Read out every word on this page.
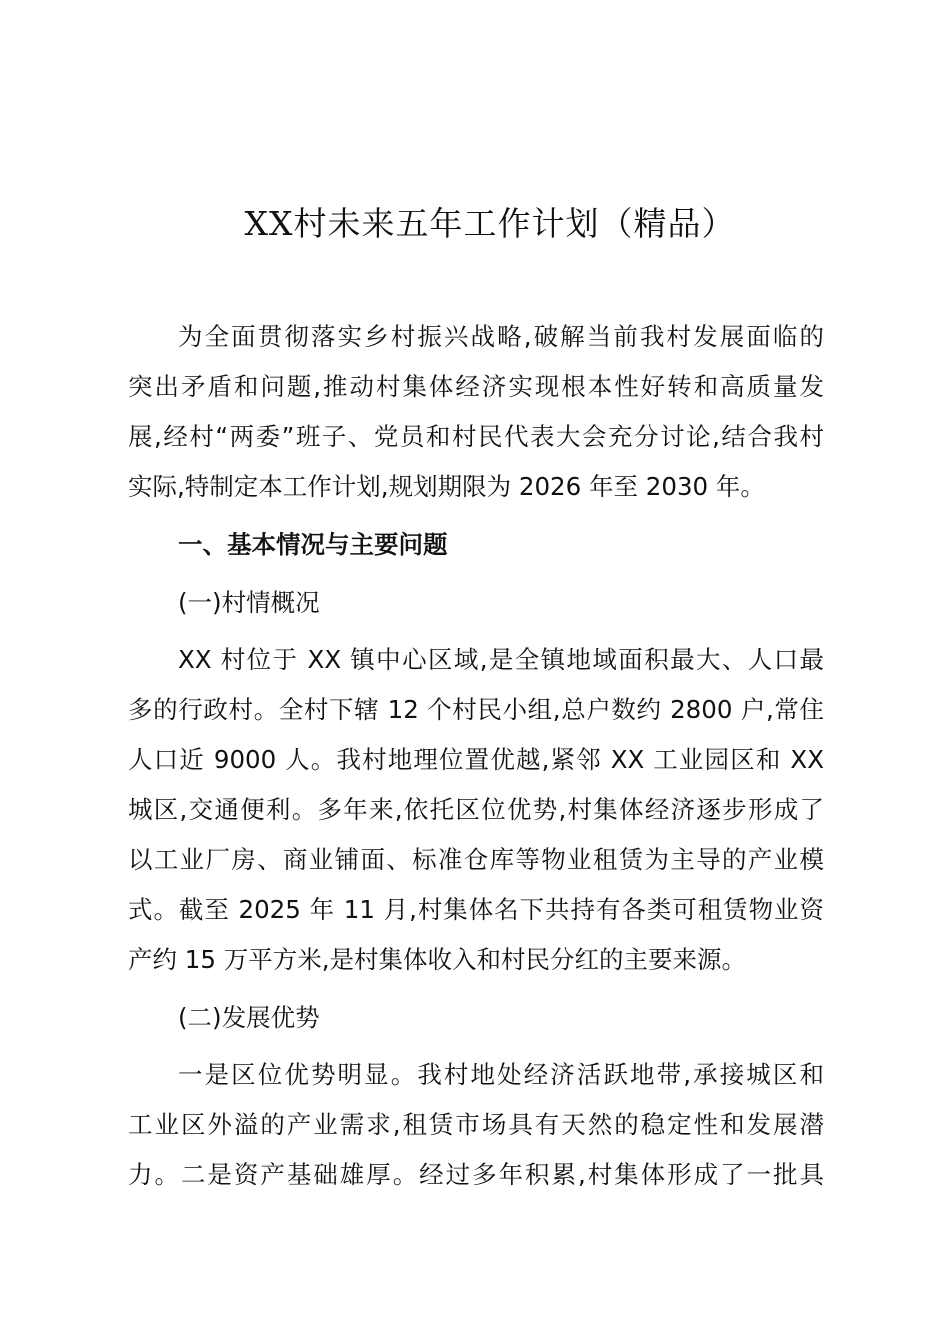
XX村未来五年工作计划（精品）
为全面贯彻落实乡村振兴战略,破解当前我村发展面临的
突出矛盾和问题,推动村集体经济实现根本性好转和高质量发
展,经村“两委”班子、党员和村民代表大会充分讨论,结合我村
实际,特制定本工作计划,规划期限为 2026 年至 2030 年。
一、基本情况与主要问题
(一)村情概况
XX 村位于 XX 镇中心区域,是全镇地域面积最大、人口最
多的行政村。全村下辖 12 个村民小组,总户数约 2800 户,常住
人口近 9000 人。我村地理位置优越,紧邻 XX 工业园区和 XX
城区,交通便利。多年来,依托区位优势,村集体经济逐步形成了
以工业厂房、商业铺面、标准仓库等物业租赁为主导的产业模
式。截至 2025 年 11 月,村集体名下共持有各类可租赁物业资
产约 15 万平方米,是村集体收入和村民分红的主要来源。
(二)发展优势
一是区位优势明显。我村地处经济活跃地带,承接城区和
工业区外溢的产业需求,租赁市场具有天然的稳定性和发展潜
力。二是资产基础雄厚。经过多年积累,村集体形成了一批具
